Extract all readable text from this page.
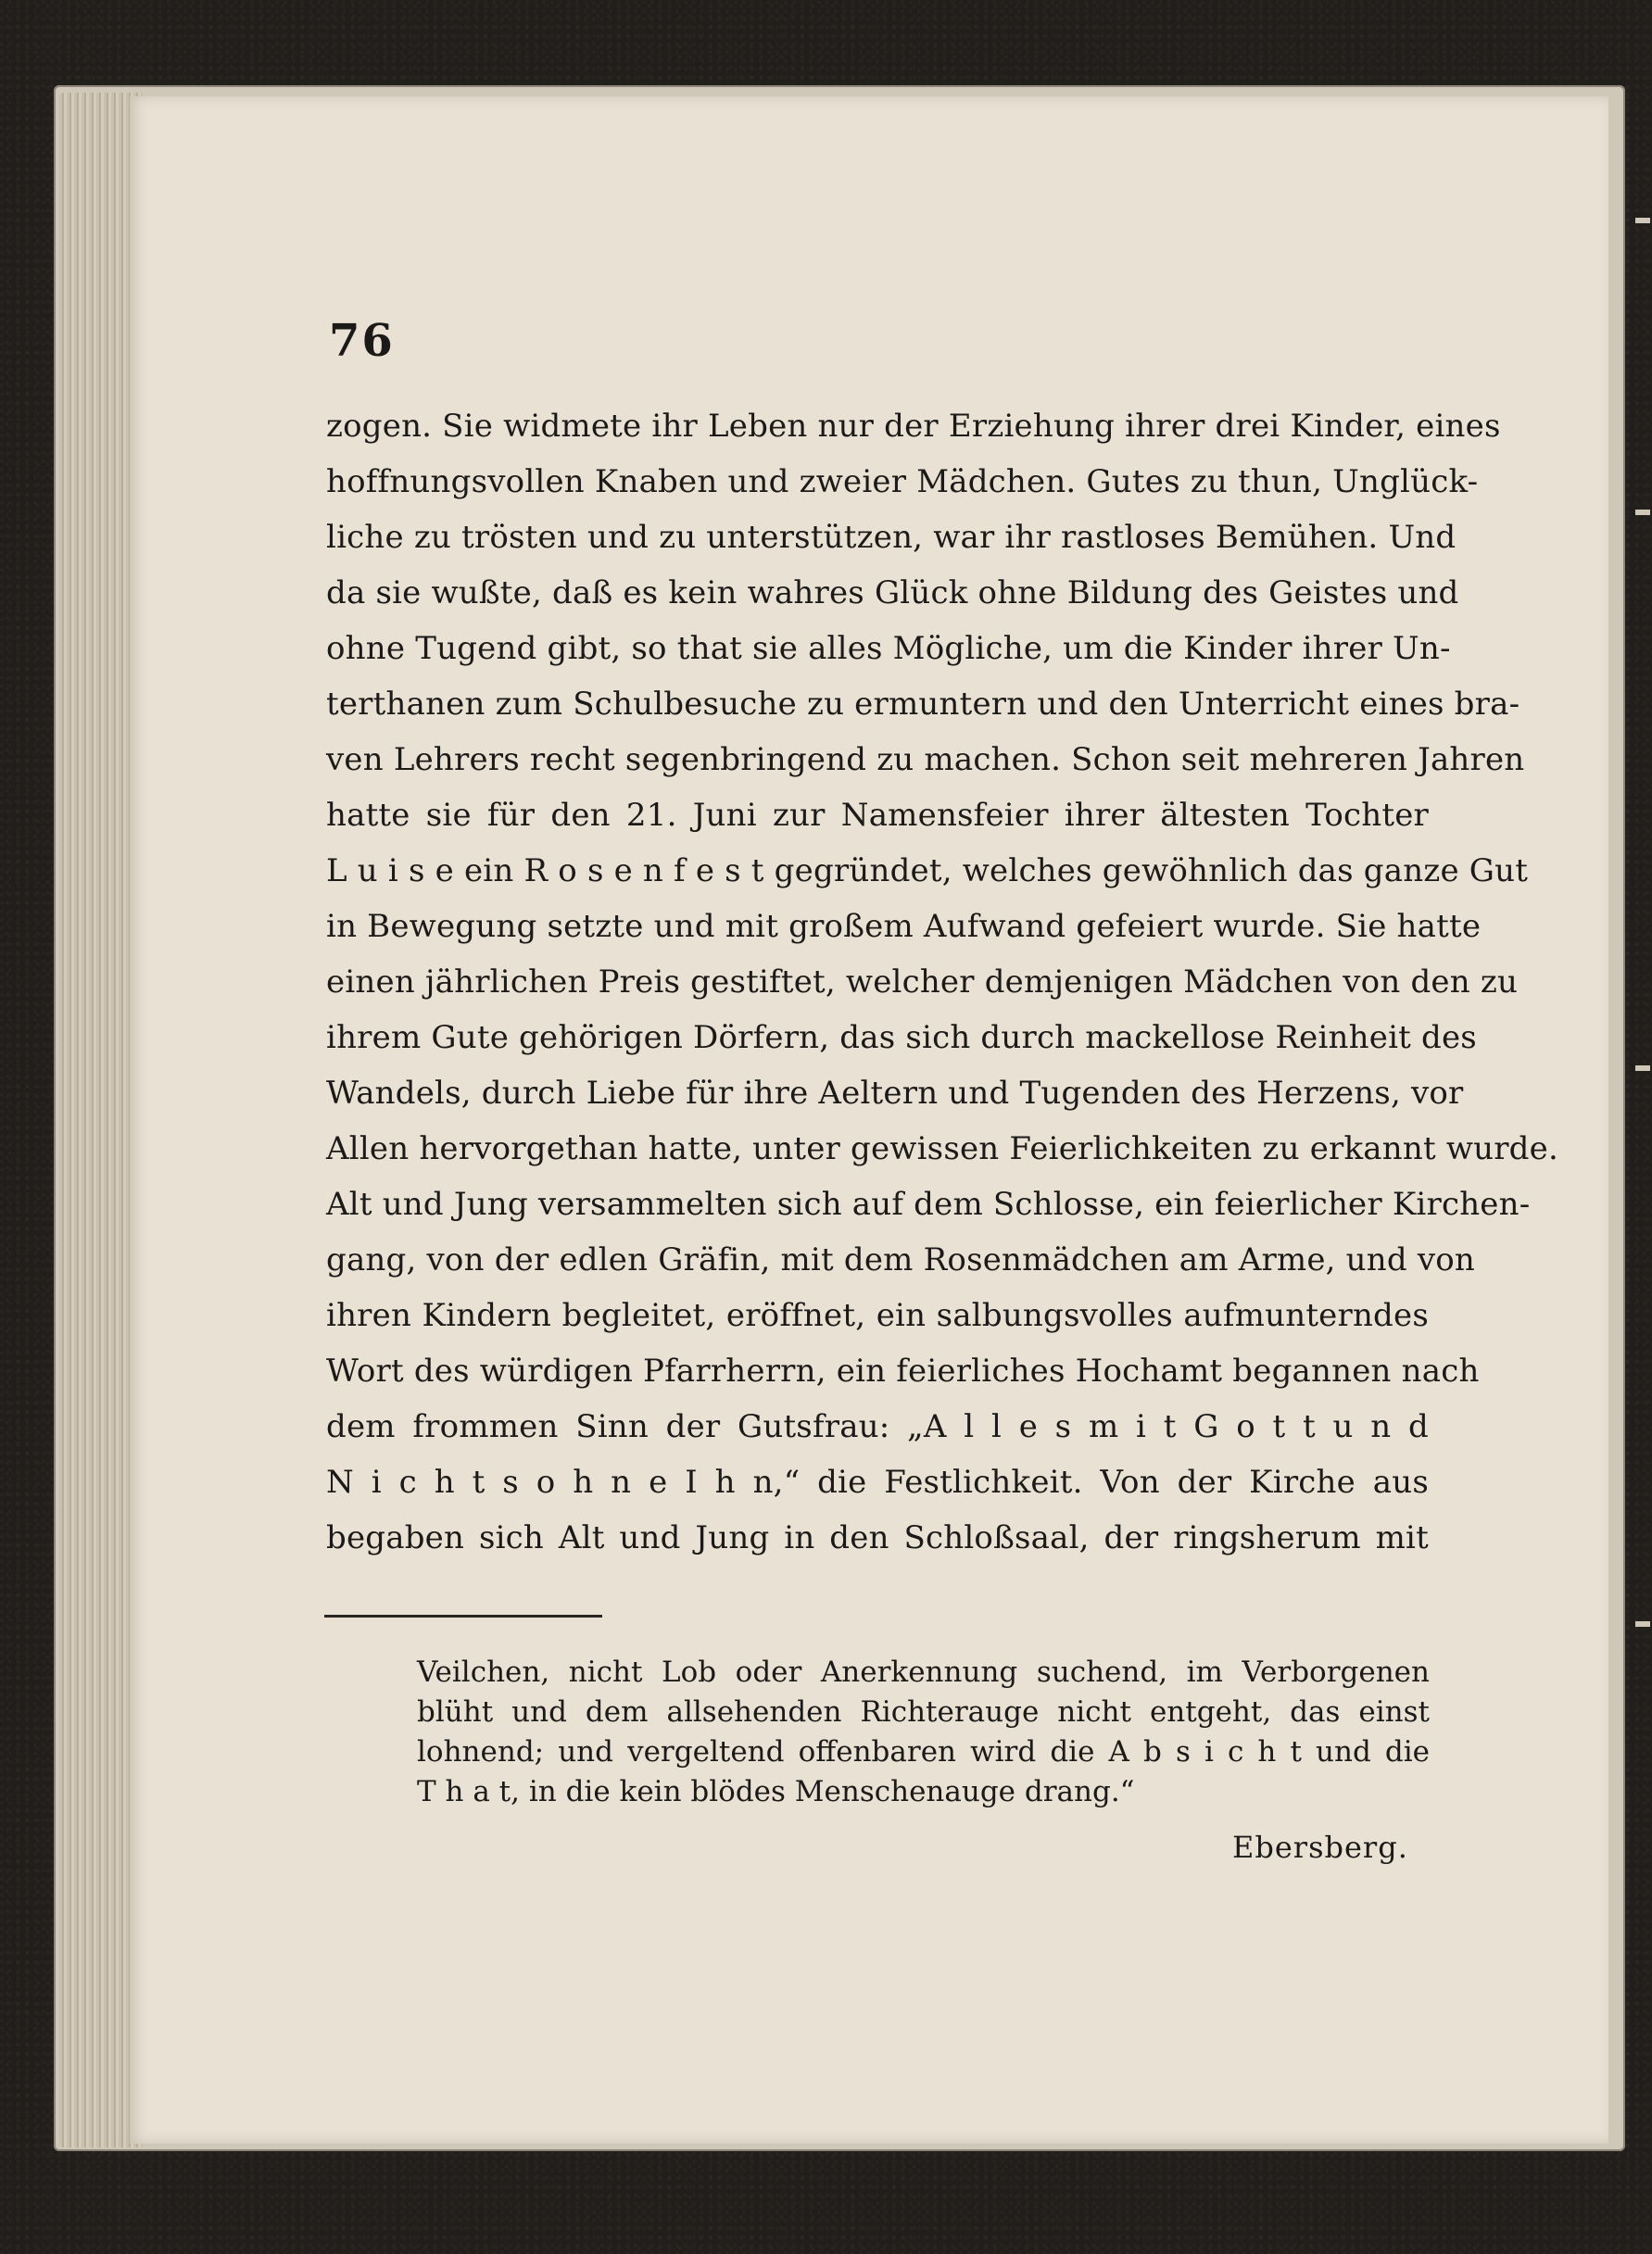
76
zogen. Sie widmete ihr Leben nur der Erziehung ihrer drei Kinder, eines
hoffnungsvollen Knaben und zweier Mädchen. Gutes zu thun, Unglück-
liche zu trösten und zu unterstützen, war ihr rastloses Bemühen. Und
da sie wußte, daß es kein wahres Glück ohne Bildung des Geistes und
ohne Tugend gibt, so that sie alles Mögliche, um die Kinder ihrer Un-
terthanen zum Schulbesuche zu ermuntern und den Unterricht eines bra-
ven Lehrers recht segenbringend zu machen. Schon seit mehreren Jahren
hatte sie für den 21. Juni zur Namensfeier ihrer ältesten Tochter
L u i s e ein R o s e n f e s t gegründet, welches gewöhnlich das ganze Gut
in Bewegung setzte und mit großem Aufwand gefeiert wurde. Sie hatte
einen jährlichen Preis gestiftet, welcher demjenigen Mädchen von den zu
ihrem Gute gehörigen Dörfern, das sich durch mackellose Reinheit des
Wandels, durch Liebe für ihre Aeltern und Tugenden des Herzens, vor
Allen hervorgethan hatte, unter gewissen Feierlichkeiten zu erkannt wurde.
Alt und Jung versammelten sich auf dem Schlosse, ein feierlicher Kirchen-
gang, von der edlen Gräfin, mit dem Rosenmädchen am Arme, und von
ihren Kindern begleitet, eröffnet, ein salbungsvolles aufmunterndes
Wort des würdigen Pfarrherrn, ein feierliches Hochamt begannen nach
dem frommen Sinn der Gutsfrau: „A l l e s m i t G o t t u n d
N i c h t s o h n e I h n,“ die Festlichkeit. Von der Kirche aus
begaben sich Alt und Jung in den Schloßsaal, der ringsherum mit
Veilchen, nicht Lob oder Anerkennung suchend, im Verborgenen
blüht und dem allsehenden Richterauge nicht entgeht, das einst
lohnend; und vergeltend offenbaren wird die A b s i c h t und die
T h a t, in die kein blödes Menschenauge drang.“
Ebersberg.
